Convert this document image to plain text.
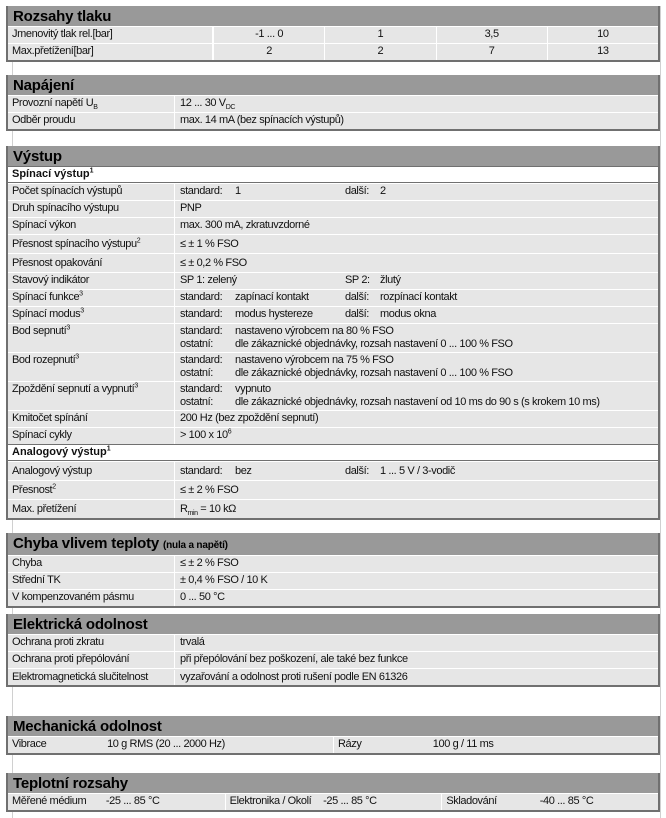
Rozsahy tlaku
Jmenovitý tlak rel.[bar]	-1 ... 0	1	3,5	10
Max.přetížení[bar]	2	2	7	13
Napájení
Provozní napětí $U_B$	12 ... 30 $V_{DC}$
Odběr proudu	max. 14 mA (bez spínacích výstupů)
Výstup
Spínací výstup$^1$
Počet spínacích výstupů	standard: 1	další: 2
Druh spínacího výstupu	PNP
Spínací výkon	max. 300 mA, zkratuvzdorné
Přesnost spínacího výstupu$^2$	≤ ± 1 % FSO
Přesnost opakování	≤ ± 0,2 % FSO
Stavový indikátor	SP 1: zelený	SP 2: žlutý
Spínací funkce$^3$	standard: zapínací kontakt	další: rozpínací kontakt
Spínací modus$^3$	standard: modus hystereze	další: modus okna
Bod sepnutí$^3$	standard:	nastaveno výrobcem na 80 % FSO
ostatní:	dle zákaznické objednávky, rozsah nastavení 0 ... 100 % FSO
Bod rozepnutí$^3$	standard:	nastaveno výrobcem na 75 % FSO
ostatní:	dle zákaznické objednávky, rozsah nastavení 0 ... 100 % FSO
Zpoždění sepnutí a vypnutí$^3$	standard:	vypnuto
ostatní:	dle zákaznické objednávky, rozsah nastavení od 10 ms do 90 s (s krokem 10 ms)
Kmitočet spínání	200 Hz (bez zpoždění sepnutí)
Spínací cykly	> 100 x $10^6$
Analogový výstup$^1$
Analogový výstup	standard: bez	další: 1 ... 5 V / 3-vodič
Přesnost$^2$	≤ ± 2 % FSO
Max. přetížení	$R_{min} = 10$ kΩ
Chyba vlivem teploty (nula a napětí)
Chyba	≤ ± 2 % FSO
Střední TK	± 0,4 % FSO / 10 K
V kompenzovaném pásmu	0 ... 50 °C
Elektrická odolnost
Ochrana proti zkratu	trvalá
Ochrana proti přepólování	při přepólování bez poškození, ale také bez funkce
Elektromagnetická slučitelnost	vyzařování a odolnost proti rušení podle EN 61326
Mechanická odolnost
Vibrace	10 g RMS (20 ... 2000 Hz)	Rázy	100 g / 11 ms
Teplotní rozsahy
Měřené médium	-25 ... 85 °C	Elektronika / Okolí	-25 ... 85 °C	Skladování	-40 ... 85 °C
